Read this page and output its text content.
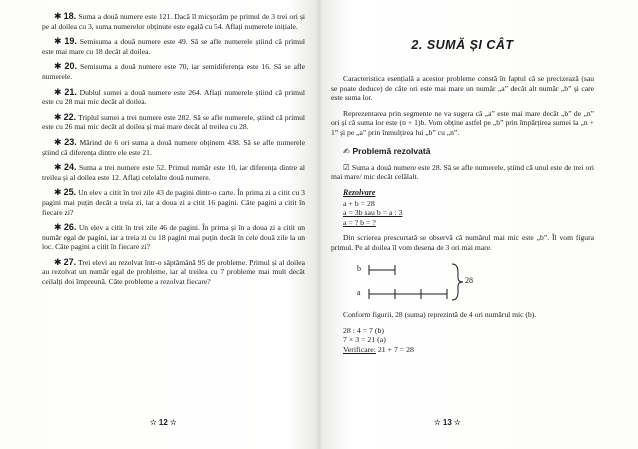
✱ 18. Suma a două numere este 121. Dacă îl micșorăm pe primul de 3 trei ori și pe al doilea cu 3, suma numerelor obținute este egală cu 54. Aflați numerele inițiale.

✱ 19. Semisuma a două numere este 49. Să se afle numerele știind că primul este mai mare cu 18 decât al doilea.

✱ 20. Semisuma a două numere este 70, iar semidiferența este 16. Să se afle numerele.

✱ 21. Dublul sumei a două numere este 264. Aflați numerele știind că primul este cu 28 mai mic decât al doilea.

✱ 22. Triplul sumei a trei numere este 282. Să se afle numerele, știind că primul este cu 26 mai mic decât al doilea și mai mare decât al treilea cu 28.

✱ 23. Mărind de 6 ori suma a două numere obținem 438. Să se afle numerele știind că diferența dintre ele este 21.

✱ 24. Suma a trei numere este 52. Primul număr este 10, iar diferența dintre al treilea și al doilea este 12. Aflați celelalte două numere.

✱ 25. Un elev a citit în trei zile 43 de pagini dintr-o carte. În prima zi a citit cu 3 pagini mai puțin decât a treia zi, iar a doua zi a citit 16 pagini. Câte pagini a citit în fiecare zi?

✱ 26. Un elev a citit în trei zile 46 de pagini. În prima și în a doua zi a citit un număr egal de pagini, iar a treia zi cu 18 pagini mai puțin decât în cele două zile la un loc. Câte pagini a citit în fiecare zi?

✱ 27. Trei elevi au rezolvat într-o săptămână 95 de probleme. Primul și al doilea au rezolvat un număr egal de probleme, iar al treilea cu 7 probleme mai mult decât ceilalți doi împreună. Câte probleme a rezolvat fiecare?

✫ 12 ✫
2. SUMĂ ȘI CÂT

Caracteristica esențială a acestor probleme constă în faptul că se precizează (sau se poate deduce) de câte ori este mai mare un număr „a” decât alt număr „b” și care este suma lor.

Reprezentarea prin segmente ne va sugera că „a” este mai mare decât „b” de „n” ori și că suma lor este (n + 1)b. Vom obține astfel pe „b” prin împărțirea sumei la „n + 1” și pe „a” prin înmulțirea lui „b” cu „n”.

✍ Problemă rezolvată

☑ Suma a două numere este 28. Să se afle numerele, știind că unul este de trei ori mai mare/ mic decât celălalt.

Rezolvare
a + b = 28
a = 3b sau b = a : 3
a = ? b = ?

Din scrierea prescurtată se observă că numărul mai mic este „b”. Îl vom figura primul. Pe al doilea îl vom desena de 3 ori mai mare.

b
a
28

Conform figurii, 28 (suma) reprezintă de 4 ori numărul mic (b).

28 : 4 = 7 (b)
7 × 3 = 21 (a)
Verificare: 21 + 7 = 28
✫ 13 ✫
